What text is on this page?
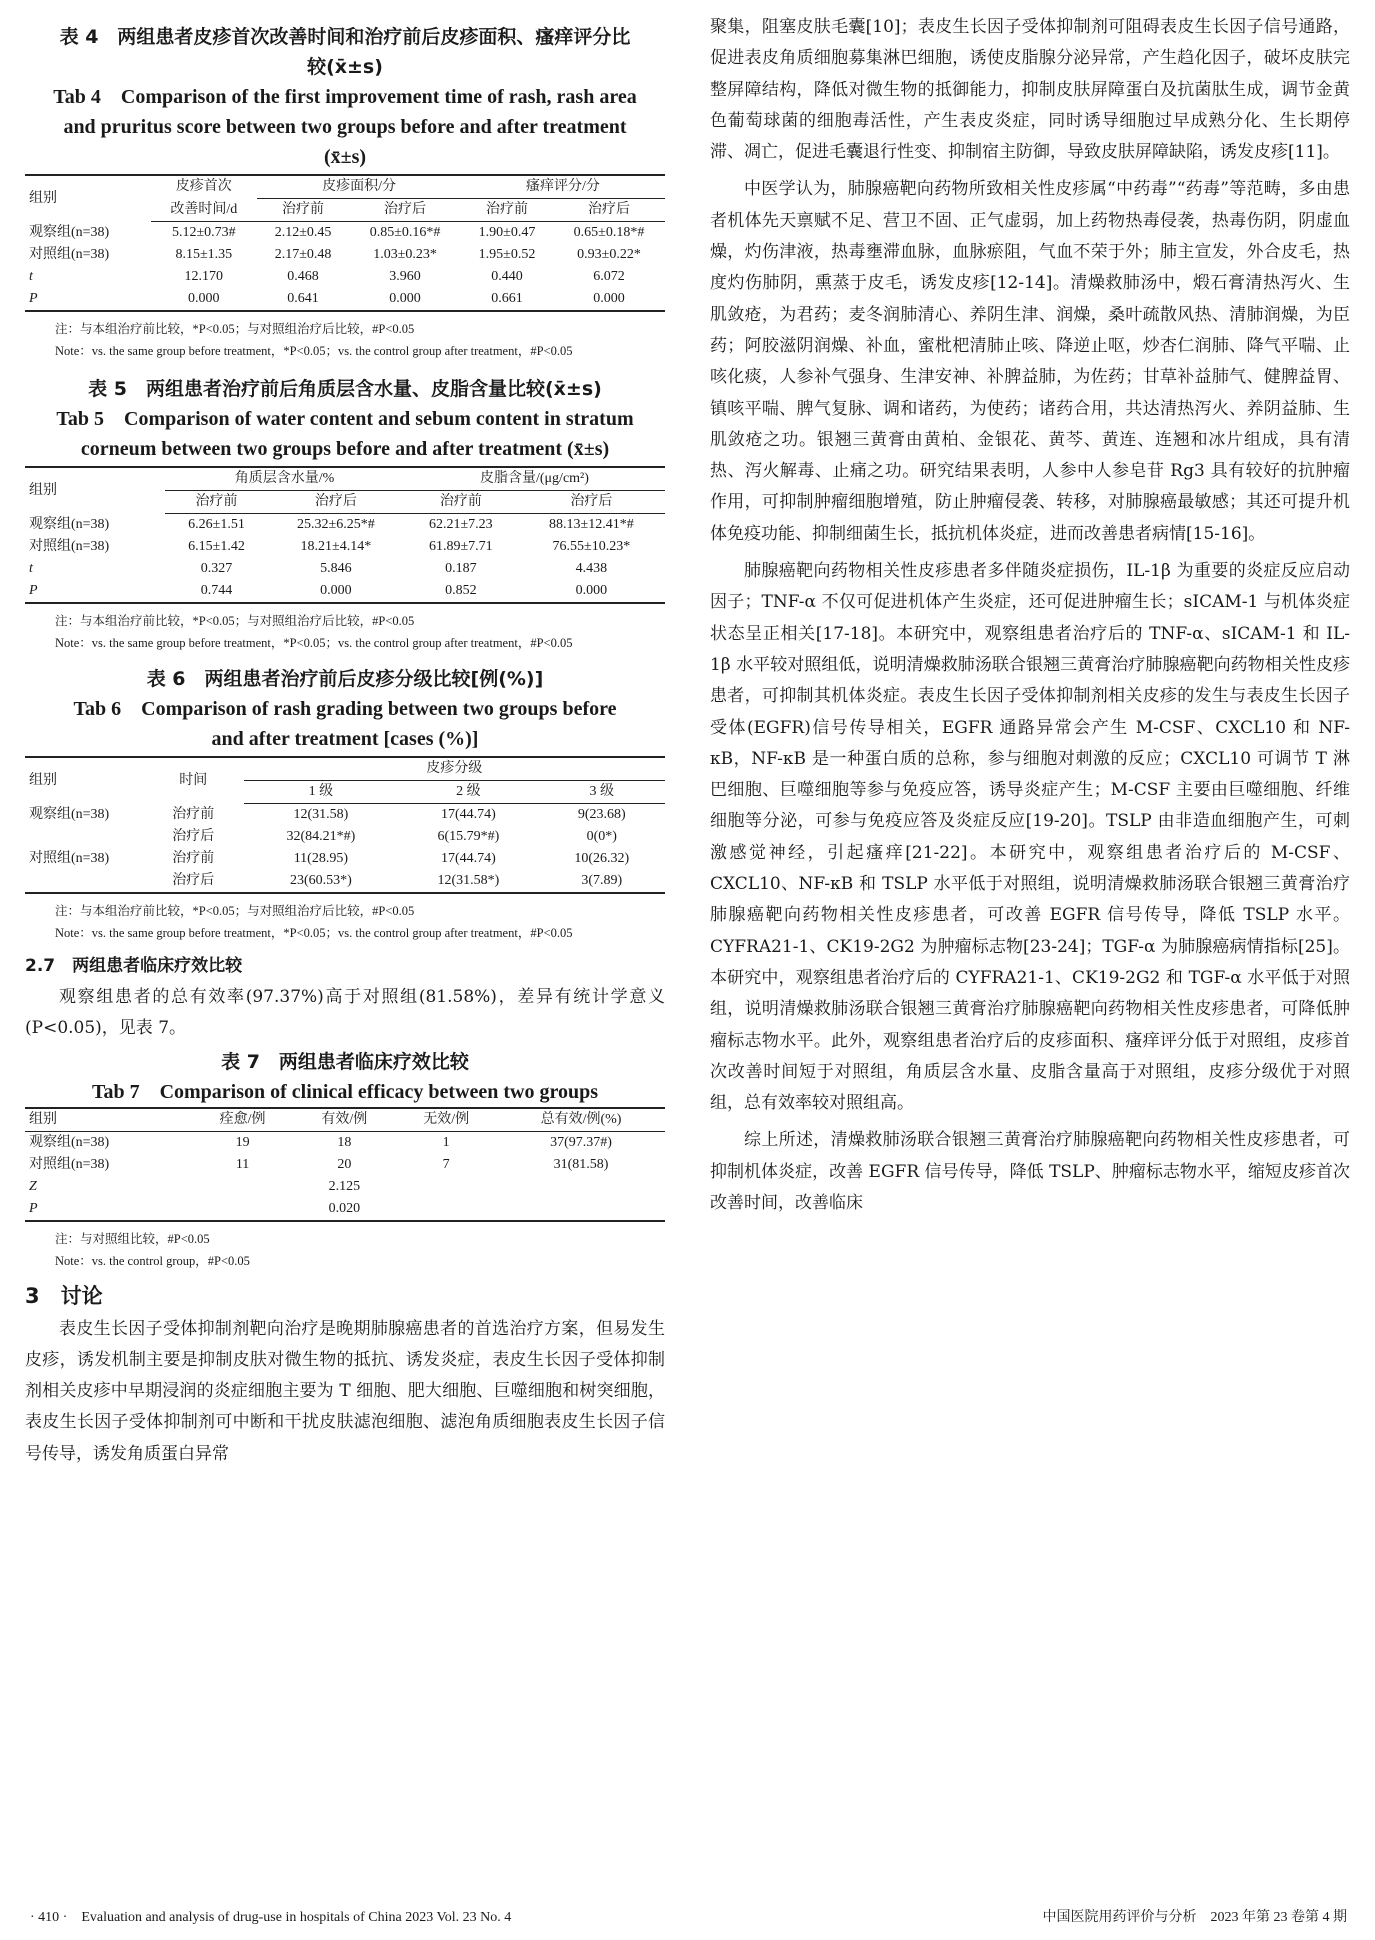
表 4　两组患者皮疹首次改善时间和治疗前后皮疹面积、瘙痒评分比较(x̄±s)
Tab 4　Comparison of the first improvement time of rash, rash area and pruritus score between two groups before and after treatment (x̄±s)
组别	皮疹首次	皮疹面积/分		瘙痒评分/分	
	改善时间/d	治疗前	治疗后	治疗前	治疗后
观察组(n=38)	5.12±0.73#	2.12±0.45	0.85±0.16*#	1.90±0.47	0.65±0.18*#
对照组(n=38)	8.15±1.35	2.17±0.48	1.03±0.23*	1.95±0.52	0.93±0.22*
t	12.170	0.468	3.960	0.440	6.072
P	0.000	0.641	0.000	0.661	0.000
注：与本组治疗前比较，*P<0.05；与对照组治疗后比较，#P<0.05
Note：vs. the same group before treatment，*P<0.05；vs. the control group after treatment，#P<0.05
表 5　两组患者治疗前后角质层含水量、皮脂含量比较(x̄±s)
Tab 5　Comparison of water content and sebum content in stratum corneum between two groups before and after treatment (x̄±s)
组别	角质层含水量/%		皮脂含量/(μg/cm²)	
	治疗前	治疗后	治疗前	治疗后
观察组(n=38)	6.26±1.51	25.32±6.25*#	62.21±7.23	88.13±12.41*#
对照组(n=38)	6.15±1.42	18.21±4.14*	61.89±7.71	76.55±10.23*
t	0.327	5.846	0.187	4.438
P	0.744	0.000	0.852	0.000
注：与本组治疗前比较，*P<0.05；与对照组治疗后比较，#P<0.05
Note：vs. the same group before treatment，*P<0.05；vs. the control group after treatment，#P<0.05
表 6　两组患者治疗前后皮疹分级比较[例(%)]
Tab 6　Comparison of rash grading between two groups before and after treatment [cases (%)]
组别	时间	皮疹分级		
		1 级	2 级	3 级
观察组(n=38)	治疗前	12(31.58)	17(44.74)	9(23.68)
	治疗后	32(84.21*#)	6(15.79*#)	0(0*)
对照组(n=38)	治疗前	11(28.95)	17(44.74)	10(26.32)
	治疗后	23(60.53*)	12(31.58*)	3(7.89)
注：与本组治疗前比较，*P<0.05；与对照组治疗后比较，#P<0.05
Note：vs. the same group before treatment，*P<0.05；vs. the control group after treatment，#P<0.05
2.7　两组患者临床疗效比较

观察组患者的总有效率(97.37%)高于对照组(81.58%)，差异有统计学意义(P<0.05)，见表 7。

表 7　两组患者临床疗效比较
Tab 7　Comparison of clinical efficacy between two groups
组别	痊愈/例	有效/例	无效/例	总有效/例(%)
观察组(n=38)	19	18	1	37(97.37#)
对照组(n=38)	11	20	7	31(81.58)
Z		2.125		
P		0.020		
注：与对照组比较，#P<0.05
Note：vs. the control group，#P<0.05
3　讨论

表皮生长因子受体抑制剂靶向治疗是晚期肺腺癌患者的首选治疗方案，但易发生皮疹，诱发机制主要是抑制皮肤对微生物的抵抗、诱发炎症，表皮生长因子受体抑制剂相关皮疹中早期浸润的炎症细胞主要为 T 细胞、肥大细胞、巨噬细胞和树突细胞，表皮生长因子受体抑制剂可中断和干扰皮肤滤泡细胞、滤泡角质细胞表皮生长因子信号传导，诱发角质蛋白异常

聚集，阻塞皮肤毛囊[10]；表皮生长因子受体抑制剂可阻碍表皮生长因子信号通路，促进表皮角质细胞募集淋巴细胞，诱使皮脂腺分泌异常，产生趋化因子，破坏皮肤完整屏障结构，降低对微生物的抵御能力，抑制皮肤屏障蛋白及抗菌肽生成，调节金黄色葡萄球菌的细胞毒活性，产生表皮炎症，同时诱导细胞过早成熟分化、生长期停滞、凋亡，促进毛囊退行性变、抑制宿主防御，导致皮肤屏障缺陷，诱发皮疹[11]。

中医学认为，肺腺癌靶向药物所致相关性皮疹属“中药毒”“药毒”等范畴，多由患者机体先天禀赋不足、营卫不固、正气虚弱，加上药物热毒侵袭，热毒伤阴，阴虚血燥，灼伤津液，热毒壅滞血脉，血脉瘀阻，气血不荣于外；肺主宣发，外合皮毛，热度灼伤肺阴，熏蒸于皮毛，诱发皮疹[12-14]。清燥救肺汤中，煅石膏清热泻火、生肌敛疮，为君药；麦冬润肺清心、养阴生津、润燥，桑叶疏散风热、清肺润燥，为臣药；阿胶滋阴润燥、补血，蜜枇杷清肺止咳、降逆止呕，炒杏仁润肺、降气平喘、止咳化痰，人参补气强身、生津安神、补脾益肺，为佐药；甘草补益肺气、健脾益胃、镇咳平喘、脾气复脉、调和诸药，为使药；诸药合用，共达清热泻火、养阴益肺、生肌敛疮之功。银翘三黄膏由黄柏、金银花、黄芩、黄连、连翘和冰片组成，具有清热、泻火解毒、止痛之功。研究结果表明，人参中人参皂苷 Rg3 具有较好的抗肿瘤作用，可抑制肿瘤细胞增殖，防止肿瘤侵袭、转移，对肺腺癌最敏感；其还可提升机体免疫功能、抑制细菌生长，抵抗机体炎症，进而改善患者病情[15-16]。

肺腺癌靶向药物相关性皮疹患者多伴随炎症损伤，IL-1β 为重要的炎症反应启动因子；TNF-α 不仅可促进机体产生炎症，还可促进肿瘤生长；sICAM-1 与机体炎症状态呈正相关[17-18]。本研究中，观察组患者治疗后的 TNF-α、sICAM-1 和 IL-1β 水平较对照组低，说明清燥救肺汤联合银翘三黄膏治疗肺腺癌靶向药物相关性皮疹患者，可抑制其机体炎症。表皮生长因子受体抑制剂相关皮疹的发生与表皮生长因子受体(EGFR)信号传导相关，EGFR 通路异常会产生 M-CSF、CXCL10 和 NF-κB，NF-κB 是一种蛋白质的总称，参与细胞对刺激的反应；CXCL10 可调节 T 淋巴细胞、巨噬细胞等参与免疫应答，诱导炎症产生；M-CSF 主要由巨噬细胞、纤维细胞等分泌，可参与免疫应答及炎症反应[19-20]。TSLP 由非造血细胞产生，可刺激感觉神经，引起瘙痒[21-22]。本研究中，观察组患者治疗后的 M-CSF、CXCL10、NF-κB 和 TSLP 水平低于对照组，说明清燥救肺汤联合银翘三黄膏治疗肺腺癌靶向药物相关性皮疹患者，可改善 EGFR 信号传导，降低 TSLP 水平。CYFRA21-1、CK19-2G2 为肿瘤标志物[23-24]；TGF-α 为肺腺癌病情指标[25]。本研究中，观察组患者治疗后的 CYFRA21-1、CK19-2G2 和 TGF-α 水平低于对照组，说明清燥救肺汤联合银翘三黄膏治疗肺腺癌靶向药物相关性皮疹患者，可降低肿瘤标志物水平。此外，观察组患者治疗后的皮疹面积、瘙痒评分低于对照组，皮疹首次改善时间短于对照组，角质层含水量、皮脂含量高于对照组，皮疹分级优于对照组，总有效率较对照组高。

综上所述，清燥救肺汤联合银翘三黄膏治疗肺腺癌靶向药物相关性皮疹患者，可抑制机体炎症，改善 EGFR 信号传导，降低 TSLP、肿瘤标志物水平，缩短皮疹首次改善时间，改善临床

· 410 ·　Evaluation and analysis of drug-use in hospitals of China 2023 Vol. 23 No. 4	中国医院用药评价与分析　2023 年第 23 卷第 4 期
